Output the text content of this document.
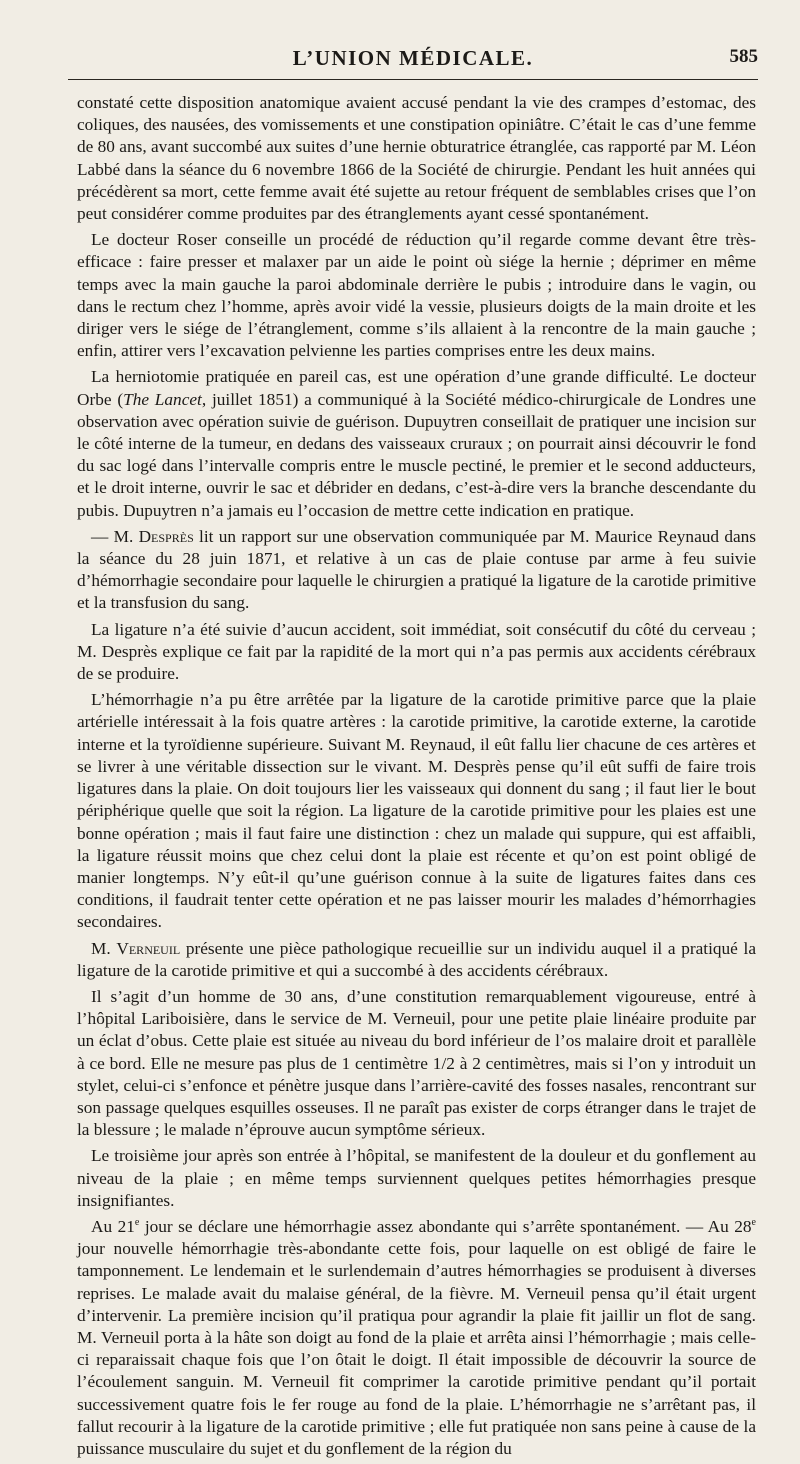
L’UNION MÉDICALE.	585

constaté cette disposition anatomique avaient accusé pendant la vie des crampes d’estomac, des coliques, des nausées, des vomissements et une constipation opiniâtre. C’était le cas d’une femme de 80 ans, avant succombé aux suites d’une hernie obturatrice étranglée, cas rapporté par M. Léon Labbé dans la séance du 6 novembre 1866 de la Société de chirurgie. Pendant les huit années qui précédèrent sa mort, cette femme avait été sujette au retour fréquent de semblables crises que l’on peut considérer comme produites par des étranglements ayant cessé spontanément.

Le docteur Roser conseille un procédé de réduction qu’il regarde comme devant être très-efficace : faire presser et malaxer par un aide le point où siége la hernie ; déprimer en même temps avec la main gauche la paroi abdominale derrière le pubis ; introduire dans le vagin, ou dans le rectum chez l’homme, après avoir vidé la vessie, plusieurs doigts de la main droite et les diriger vers le siége de l’étranglement, comme s’ils allaient à la rencontre de la main gauche ; enfin, attirer vers l’excavation pelvienne les parties comprises entre les deux mains.

La herniotomie pratiquée en pareil cas, est une opération d’une grande difficulté. Le docteur Orbe (The Lancet, juillet 1851) a communiqué à la Société médico-chirurgicale de Londres une observation avec opération suivie de guérison. Dupuytren conseillait de pratiquer une incision sur le côté interne de la tumeur, en dedans des vaisseaux cruraux ; on pourrait ainsi découvrir le fond du sac logé dans l’intervalle compris entre le muscle pectiné, le premier et le second adducteurs, et le droit interne, ouvrir le sac et débrider en dedans, c’est-à-dire vers la branche descendante du pubis. Dupuytren n’a jamais eu l’occasion de mettre cette indication en pratique.

— M. Desprès lit un rapport sur une observation communiquée par M. Maurice Reynaud dans la séance du 28 juin 1871, et relative à un cas de plaie contuse par arme à feu suivie d’hémorrhagie secondaire pour laquelle le chirurgien a pratiqué la ligature de la carotide primitive et la transfusion du sang.

La ligature n’a été suivie d’aucun accident, soit immédiat, soit consécutif du côté du cerveau ; M. Desprès explique ce fait par la rapidité de la mort qui n’a pas permis aux accidents cérébraux de se produire.

L’hémorrhagie n’a pu être arrêtée par la ligature de la carotide primitive parce que la plaie artérielle intéressait à la fois quatre artères : la carotide primitive, la carotide externe, la carotide interne et la tyroïdienne supérieure. Suivant M. Reynaud, il eût fallu lier chacune de ces artères et se livrer à une véritable dissection sur le vivant. M. Desprès pense qu’il eût suffi de faire trois ligatures dans la plaie. On doit toujours lier les vaisseaux qui donnent du sang ; il faut lier le bout périphérique quelle que soit la région. La ligature de la carotide primitive pour les plaies est une bonne opération ; mais il faut faire une distinction : chez un malade qui suppure, qui est affaibli, la ligature réussit moins que chez celui dont la plaie est récente et qu’on est point obligé de manier longtemps. N’y eût-il qu’une guérison connue à la suite de ligatures faites dans ces conditions, il faudrait tenter cette opération et ne pas laisser mourir les malades d’hémorrhagies secondaires.

M. Verneuil présente une pièce pathologique recueillie sur un individu auquel il a pratiqué la ligature de la carotide primitive et qui a succombé à des accidents cérébraux.

Il s’agit d’un homme de 30 ans, d’une constitution remarquablement vigoureuse, entré à l’hôpital Lariboisière, dans le service de M. Verneuil, pour une petite plaie linéaire produite par un éclat d’obus. Cette plaie est située au niveau du bord inférieur de l’os malaire droit et parallèle à ce bord. Elle ne mesure pas plus de 1 centimètre 1/2 à 2 centimètres, mais si l’on y introduit un stylet, celui-ci s’enfonce et pénètre jusque dans l’arrière-cavité des fosses nasales, rencontrant sur son passage quelques esquilles osseuses. Il ne paraît pas exister de corps étranger dans le trajet de la blessure ; le malade n’éprouve aucun symptôme sérieux.

Le troisième jour après son entrée à l’hôpital, se manifestent de la douleur et du gonflement au niveau de la plaie ; en même temps surviennent quelques petites hémorrhagies presque insignifiantes.

Au 21e jour se déclare une hémorrhagie assez abondante qui s’arrête spontanément. — Au 28e jour nouvelle hémorrhagie très-abondante cette fois, pour laquelle on est obligé de faire le tamponnement. Le lendemain et le surlendemain d’autres hémorrhagies se produisent à diverses reprises. Le malade avait du malaise général, de la fièvre. M. Verneuil pensa qu’il était urgent d’intervenir. La première incision qu’il pratiqua pour agrandir la plaie fit jaillir un flot de sang. M. Verneuil porta à la hâte son doigt au fond de la plaie et arrêta ainsi l’hémorrhagie ; mais celle-ci reparaissait chaque fois que l’on ôtait le doigt. Il était impossible de découvrir la source de l’écoulement sanguin. M. Verneuil fit comprimer la carotide primitive pendant qu’il portait successivement quatre fois le fer rouge au fond de la plaie. L’hémorrhagie ne s’arrêtant pas, il fallut recourir à la ligature de la carotide primitive ; elle fut pratiquée non sans peine à cause de la puissance musculaire du sujet et du gonflement de la région du
